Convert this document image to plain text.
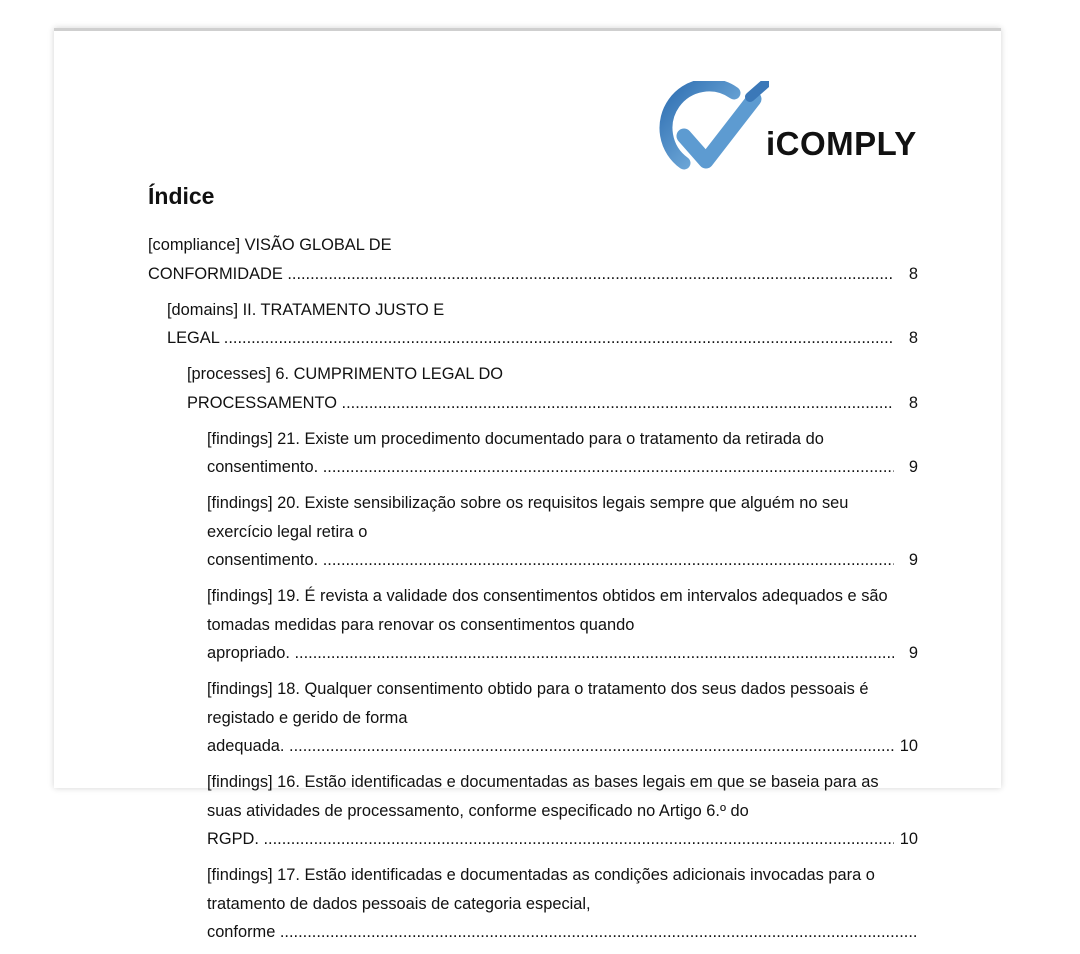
iCOMPLY
Índice
[compliance] VISÃO GLOBAL DE CONFORMIDADE .....	8
[domains] II. TRATAMENTO JUSTO E LEGAL .....	8
[processes] 6. CUMPRIMENTO LEGAL DO PROCESSAMENTO .....	8
[findings] 21. Existe um procedimento documentado para o tratamento da retirada do consentimento. .....	9
[findings] 20. Existe sensibilização sobre os requisitos legais sempre que alguém no seu exercício legal retira o consentimento. .....	9
[findings] 19. É revista a validade dos consentimentos obtidos em intervalos adequados e são tomadas medidas para renovar os consentimentos quando apropriado. .....	9
[findings] 18. Qualquer consentimento obtido para o tratamento dos seus dados pessoais é registado e gerido de forma adequada. .....	10
[findings] 16. Estão identificadas e documentadas as bases legais em que se baseia para as suas atividades de processamento, conforme especificado no Artigo 6.º do RGPD. .....	10
[findings] 17. Estão identificadas e documentadas as condições adicionais invocadas para o tratamento de dados pessoais de categoria especial, conforme .....
